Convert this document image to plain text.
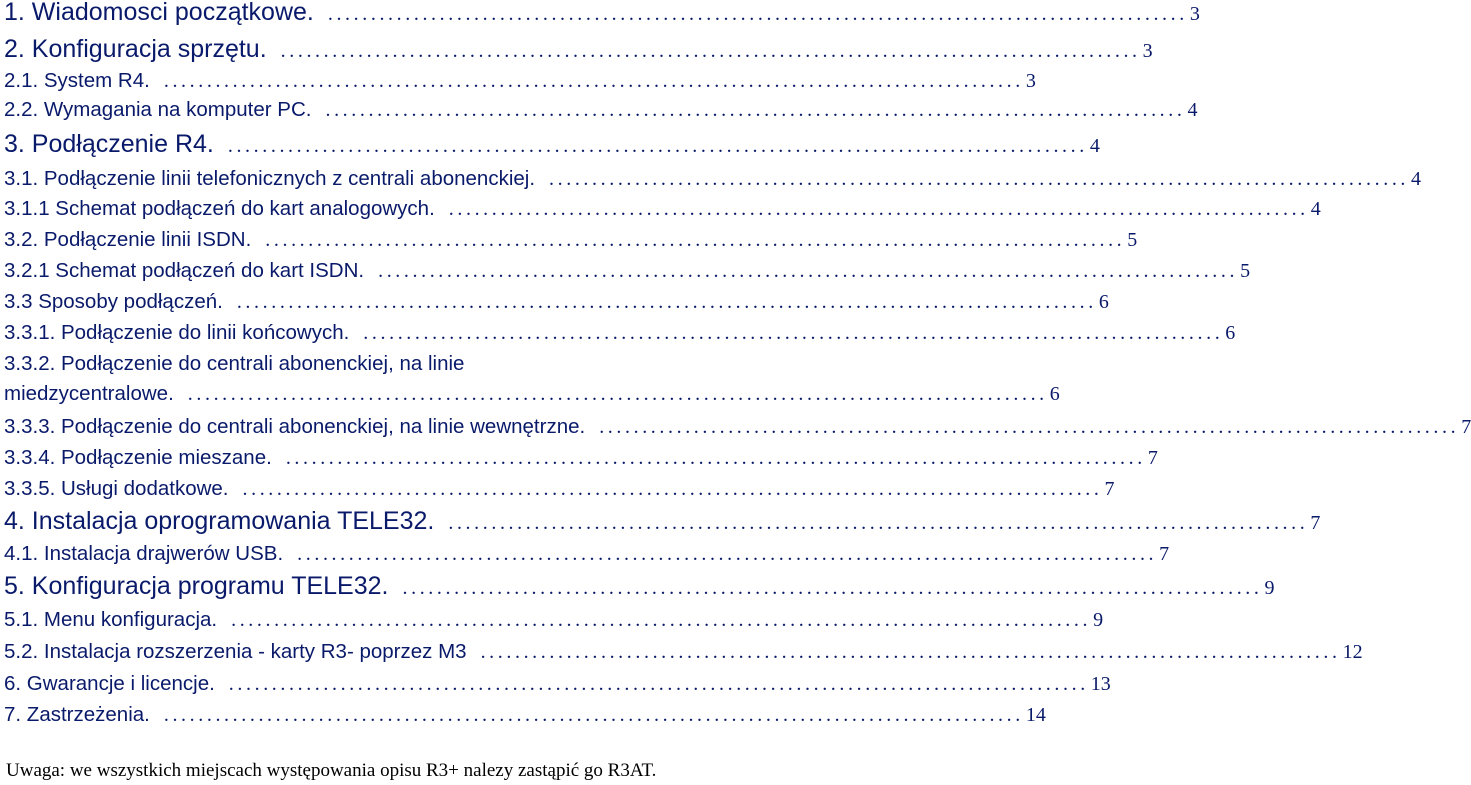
1. Wiadomosci początkowe. .................................................................................................... 3
2. Konfiguracja sprzętu. .................................................................................................... 3
2.1. System R4. .................................................................................................... 3
2.2. Wymagania na komputer PC. .................................................................................................... 4
3. Podłączenie R4. .................................................................................................... 4
3.1. Podłączenie linii telefonicznych z centrali abonenckiej. .................................................................................................... 4
3.1.1 Schemat podłączeń do kart analogowych. .................................................................................................... 4
3.2. Podłączenie linii ISDN. .................................................................................................... 5
3.2.1 Schemat podłączeń do kart ISDN. .................................................................................................... 5
3.3 Sposoby podłączeń. .................................................................................................... 6
3.3.1. Podłączenie do linii końcowych. .................................................................................................... 6
3.3.2. Podłączenie do centrali abonenckiej, na linie
miedzycentralowe. .................................................................................................... 6
3.3.3. Podłączenie do centrali abonenckiej, na linie wewnętrzne. .................................................................................................... 7
3.3.4. Podłączenie mieszane. .................................................................................................... 7
3.3.5. Usługi dodatkowe. .................................................................................................... 7
4. Instalacja oprogramowania TELE32. .................................................................................................... 7
4.1. Instalacja drajwerów USB. .................................................................................................... 7
5. Konfiguracja programu TELE32. .................................................................................................... 9
5.1. Menu konfiguracja. .................................................................................................... 9
5.2. Instalacja rozszerzenia - karty R3- poprzez M3 .................................................................................................... 12
6. Gwarancje i licencje. .................................................................................................... 13
7. Zastrzeżenia. .................................................................................................... 14
Uwaga: we wszystkich miejscach występowania opisu R3+ nalezy zastąpić go R3AT.
